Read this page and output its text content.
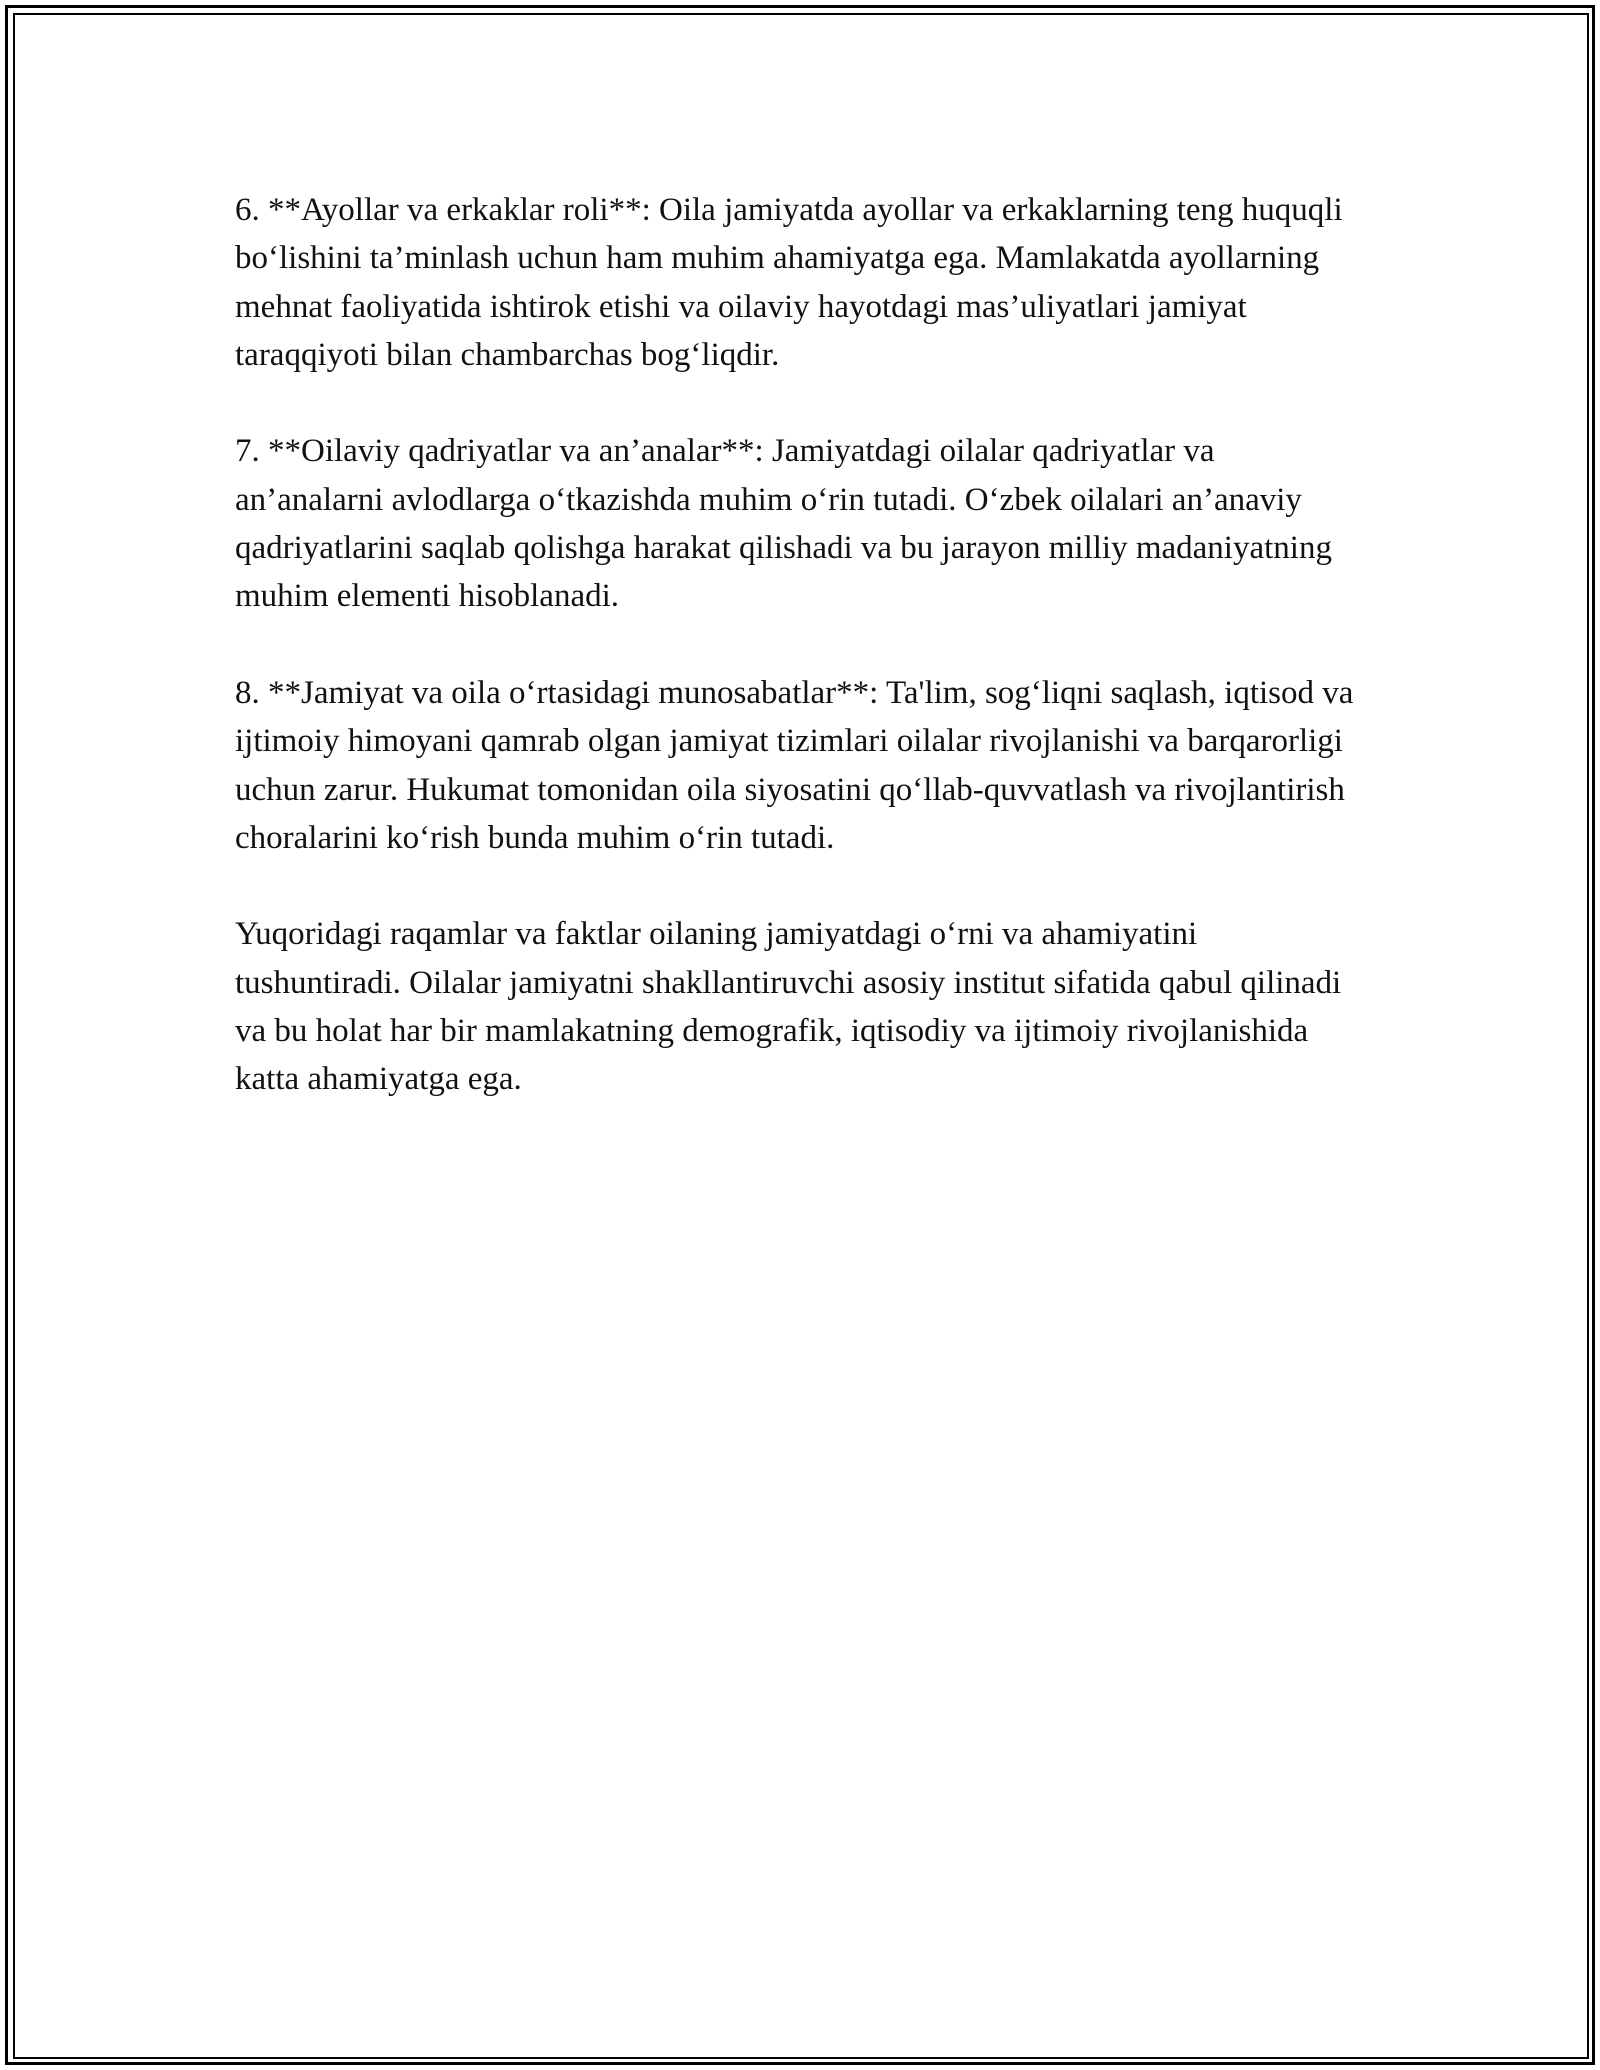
6. **Ayollar va erkaklar roli**: Oila jamiyatda ayollar va erkaklarning teng huquqli bo‘lishini ta’minlash uchun ham muhim ahamiyatga ega. Mamlakatda ayollarning mehnat faoliyatida ishtirok etishi va oilaviy hayotdagi mas’uliyatlari jamiyat taraqqiyoti bilan chambarchas bog‘liqdir.

7. **Oilaviy qadriyatlar va an’analar**: Jamiyatdagi oilalar qadriyatlar va an’analarni avlodlarga o‘tkazishda muhim o‘rin tutadi. O‘zbek oilalari an’anaviy qadriyatlarini saqlab qolishga harakat qilishadi va bu jarayon milliy madaniyatning muhim elementi hisoblanadi.

8. **Jamiyat va oila o‘rtasidagi munosabatlar**: Ta'lim, sog‘liqni saqlash, iqtisod va ijtimoiy himoyani qamrab olgan jamiyat tizimlari oilalar rivojlanishi va barqarorligi uchun zarur. Hukumat tomonidan oila siyosatini qo‘llab-quvvatlash va rivojlantirish choralarini ko‘rish bunda muhim o‘rin tutadi.

Yuqoridagi raqamlar va faktlar oilaning jamiyatdagi o‘rni va ahamiyatini tushuntiradi. Oilalar jamiyatni shakllantiruvchi asosiy institut sifatida qabul qilinadi va bu holat har bir mamlakatning demografik, iqtisodiy va ijtimoiy rivojlanishida katta ahamiyatga ega.
